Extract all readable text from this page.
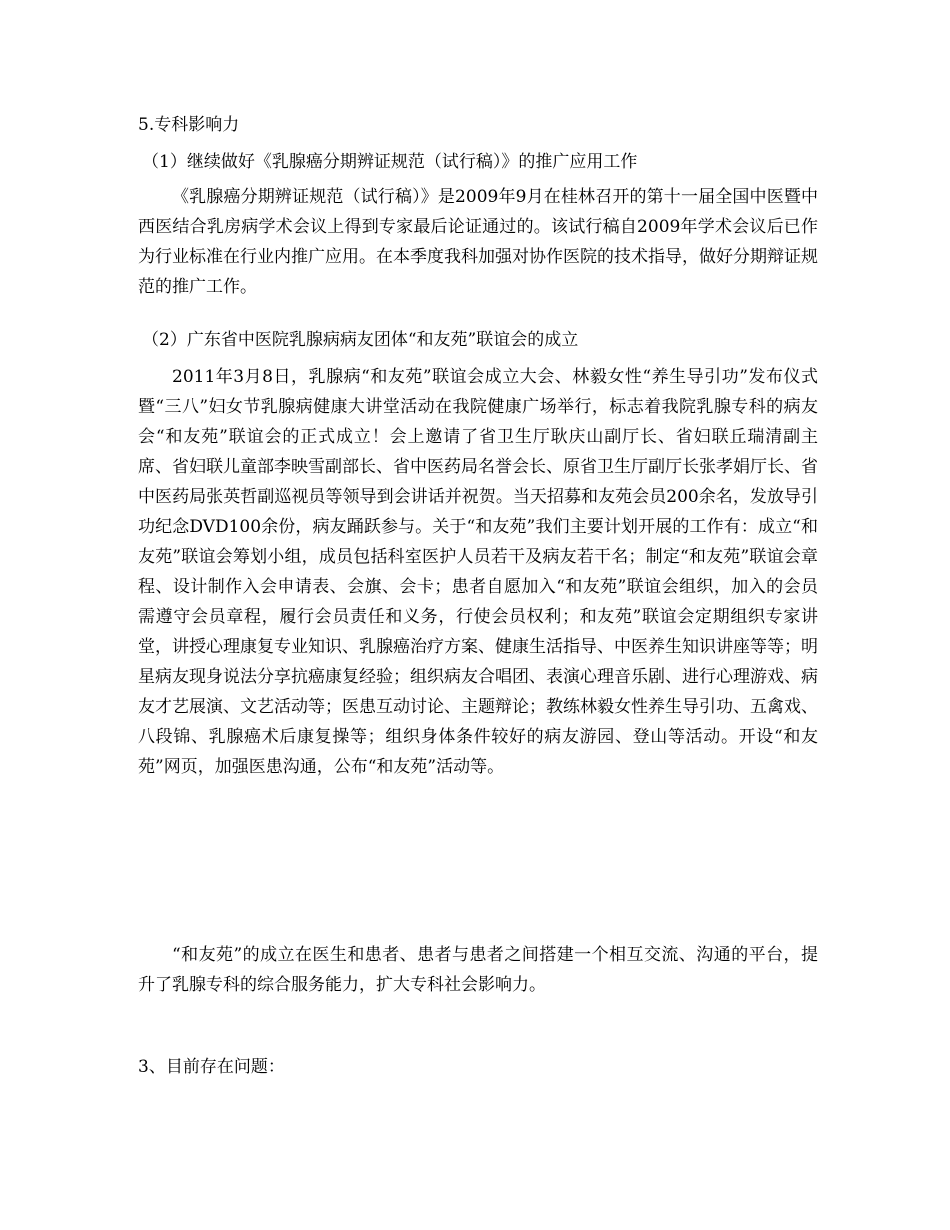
5.专科影响力

（1）继续做好《乳腺癌分期辨证规范（试行稿）》的推广应用工作

《乳腺癌分期辨证规范（试行稿）》是2009年9月在桂林召开的第十一届全国中医暨中西医结合乳房病学术会议上得到专家最后论证通过的。该试行稿自2009年学术会议后已作为行业标准在行业内推广应用。在本季度我科加强对协作医院的技术指导，做好分期辩证规范的推广工作。

（2）广东省中医院乳腺病病友团体“和友苑”联谊会的成立

2011年3月8日，乳腺病“和友苑”联谊会成立大会、林毅女性“养生导引功”发布仪式暨“三八”妇女节乳腺病健康大讲堂活动在我院健康广场举行，标志着我院乳腺专科的病友会“和友苑”联谊会的正式成立！会上邀请了省卫生厅耿庆山副厅长、省妇联丘瑞清副主席、省妇联儿童部李映雪副部长、省中医药局名誉会长、原省卫生厅副厅长张孝娟厅长、省中医药局张英哲副巡视员等领导到会讲话并祝贺。当天招募和友苑会员200余名，发放导引功纪念DVD100余份，病友踊跃参与。关于“和友苑”我们主要计划开展的工作有：成立“和友苑”联谊会筹划小组，成员包括科室医护人员若干及病友若干名；制定“和友苑”联谊会章程、设计制作入会申请表、会旗、会卡；患者自愿加入“和友苑”联谊会组织，加入的会员需遵守会员章程，履行会员责任和义务，行使会员权利；和友苑”联谊会定期组织专家讲堂，讲授心理康复专业知识、乳腺癌治疗方案、健康生活指导、中医养生知识讲座等等；明星病友现身说法分享抗癌康复经验；组织病友合唱团、表演心理音乐剧、进行心理游戏、病友才艺展演、文艺活动等；医患互动讨论、主题辩论；教练林毅女性养生导引功、五禽戏、八段锦、乳腺癌术后康复操等；组织身体条件较好的病友游园、登山等活动。开设“和友苑”网页，加强医患沟通，公布“和友苑”活动等。

“和友苑”的成立在医生和患者、患者与患者之间搭建一个相互交流、沟通的平台，提升了乳腺专科的综合服务能力，扩大专科社会影响力。

3、目前存在问题：
